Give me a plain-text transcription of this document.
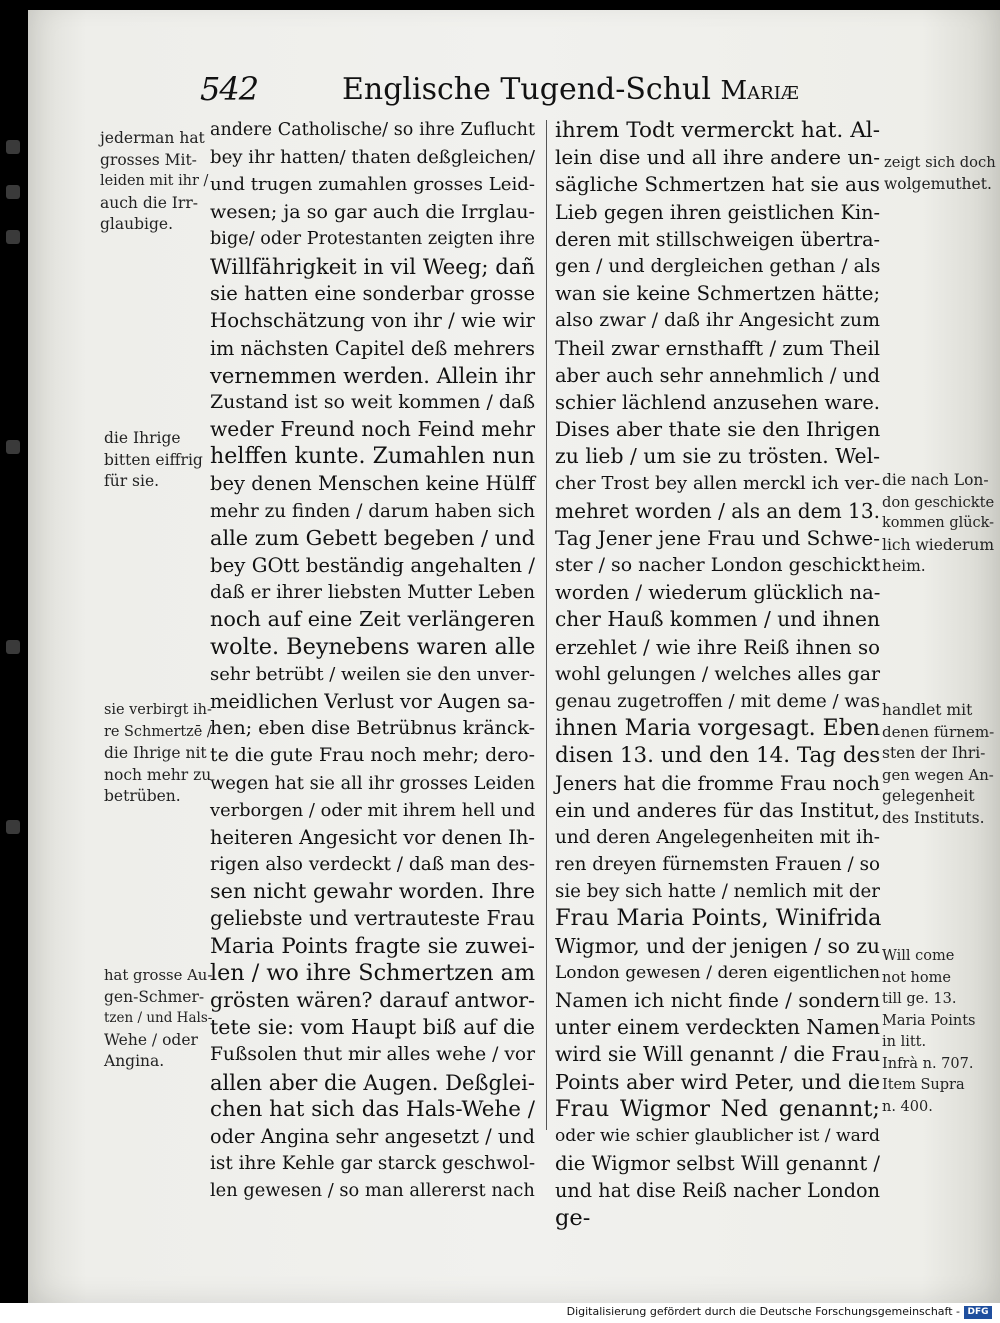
542	Englische Tugend-Schul Mariæ
andere Catholische/ so ihre Zuflucht
bey ihr hatten/ thaten deßgleichen/
und trugen zumahlen grosses Leid-
wesen; ja so gar auch die Irrglau-
bige/ oder Protestanten zeigten ihre
Willfährigkeit in vil Weeg; dañ
sie hatten eine sonderbar grosse
Hochschätzung von ihr / wie wir
im nächsten Capitel deß mehrers
vernemmen werden. Allein ihr
Zustand ist so weit kommen / daß
weder Freund noch Feind mehr
helffen kunte. Zumahlen nun
bey denen Menschen keine Hülff
mehr zu finden / darum haben sich
alle zum Gebett begeben / und
bey GOtt beständig angehalten /
daß er ihrer liebsten Mutter Leben
noch auf eine Zeit verlängeren
wolte. Beynebens waren alle
sehr betrübt / weilen sie den unver-
meidlichen Verlust vor Augen sa-
hen; eben dise Betrübnus kränck-
te die gute Frau noch mehr; dero-
wegen hat sie all ihr grosses Leiden
verborgen / oder mit ihrem hell und
heiteren Angesicht vor denen Ih-
rigen also verdeckt / daß man des-
sen nicht gewahr worden. Ihre
geliebste und vertrauteste Frau
Maria Points fragte sie zuwei-
len / wo ihre Schmertzen am
grösten wären? darauf antwor-
tete sie: vom Haupt biß auf die
Fußsolen thut mir alles wehe / vor
allen aber die Augen. Deßglei-
chen hat sich das Hals-Wehe /
oder Angina sehr angesetzt / und
ist ihre Kehle gar starck geschwol-
len gewesen / so man allererst nach
ihrem Todt vermerckt hat. Al-
lein dise und all ihre andere un-
sägliche Schmertzen hat sie aus
Lieb gegen ihren geistlichen Kin-
deren mit stillschweigen übertra-
gen / und dergleichen gethan / als
wan sie keine Schmertzen hätte;
also zwar / daß ihr Angesicht zum
Theil zwar ernsthafft / zum Theil
aber auch sehr annehmlich / und
schier lächlend anzusehen ware.
Dises aber thate sie den Ihrigen
zu lieb / um sie zu trösten. Wel-
cher Trost bey allen merckl ich ver-
mehret worden / als an dem 13.
Tag Jener jene Frau und Schwe-
ster / so nacher London geschickt
worden / wiederum glücklich na-
cher Hauß kommen / und ihnen
erzehlet / wie ihre Reiß ihnen so
wohl gelungen / welches alles gar
genau zugetroffen / mit deme / was
ihnen Maria vorgesagt. Eben
disen 13. und den 14. Tag des
Jeners hat die fromme Frau noch
ein und anderes für das Institut,
und deren Angelegenheiten mit ih-
ren dreyen fürnemsten Frauen / so
sie bey sich hatte / nemlich mit der
Frau Maria Points, Winifrida
Wigmor, und der jenigen / so zu
London gewesen / deren eigentlichen
Namen ich nicht finde / sondern
unter einem verdeckten Namen
wird sie Will genannt / die Frau
Points aber wird Peter, und die
Frau Wigmor Ned genannt;
oder wie schier glaublicher ist / ward
die Wigmor selbst Will genannt /
und hat dise Reiß nacher London
ge-
jederman hat
grosses Mit-
leiden mit ihr /
auch die Irr-
glaubige.
die Ihrige
bitten eiffrig
für sie.
sie verbirgt ih-
re Schmertzē /
die Ihrige nit
noch mehr zu
betrüben.
hat grosse Au-
gen-Schmer-
tzen / und Hals-
Wehe / oder
Angina.
zeigt sich doch
wolgemuthet.
die nach Lon-
don geschickte
kommen glück-
lich wiederum
heim.
handlet mit
denen fürnem-
sten der Ihri-
gen wegen An-
gelegenheit
des Instituts.
Will come
not home
till ge. 13.
Maria Points
in litt.
Infrà n. 707.
Item Supra
n. 400.
Digitalisierung gefördert durch die Deutsche Forschungsgemeinschaft - DFG
